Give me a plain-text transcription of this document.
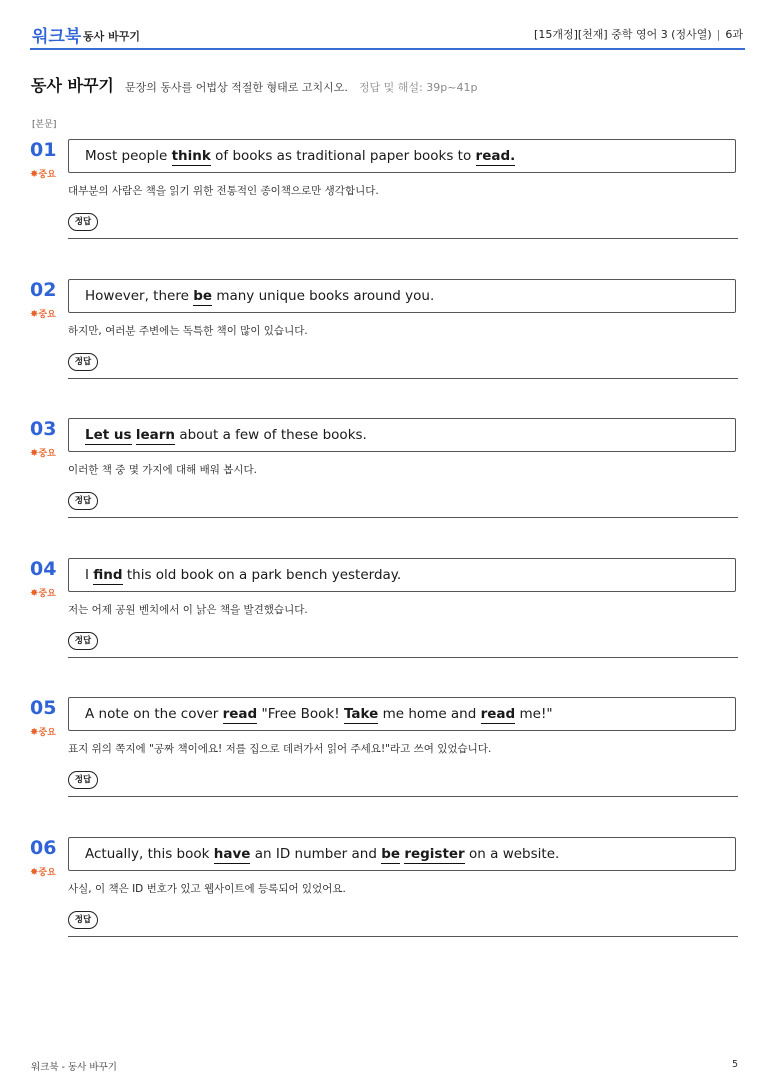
워크북 동사 바꾸기	[15개정][천재] 중학 영어 3 (정사열) | 6과
동사 바꾸기 문장의 동사를 어법상 적절한 형태로 고치시오. 정답 및 해설: 39p~41p
[본문]
01
✸중요
Most people think of books as traditional paper books to read.
대부분의 사람은 책을 읽기 위한 전통적인 종이책으로만 생각합니다.
정답
02
✸중요
However, there be many unique books around you.
하지만, 여러분 주변에는 독특한 책이 많이 있습니다.
정답
03
✸중요
Let us learn about a few of these books.
이러한 책 중 몇 가지에 대해 배워 봅시다.
정답
04
✸중요
I find this old book on a park bench yesterday.
저는 어제 공원 벤치에서 이 낡은 책을 발견했습니다.
정답
05
✸중요
A note on the cover read "Free Book! Take me home and read me!"
표지 위의 쪽지에 "공짜 책이에요! 저를 집으로 데려가서 읽어 주세요!"라고 쓰여 있었습니다.
정답
06
✸중요
Actually, this book have an ID number and be register on a website.
사실, 이 책은 ID 번호가 있고 웹사이트에 등록되어 있었어요.
정답
워크북 - 동사 바꾸기	5
